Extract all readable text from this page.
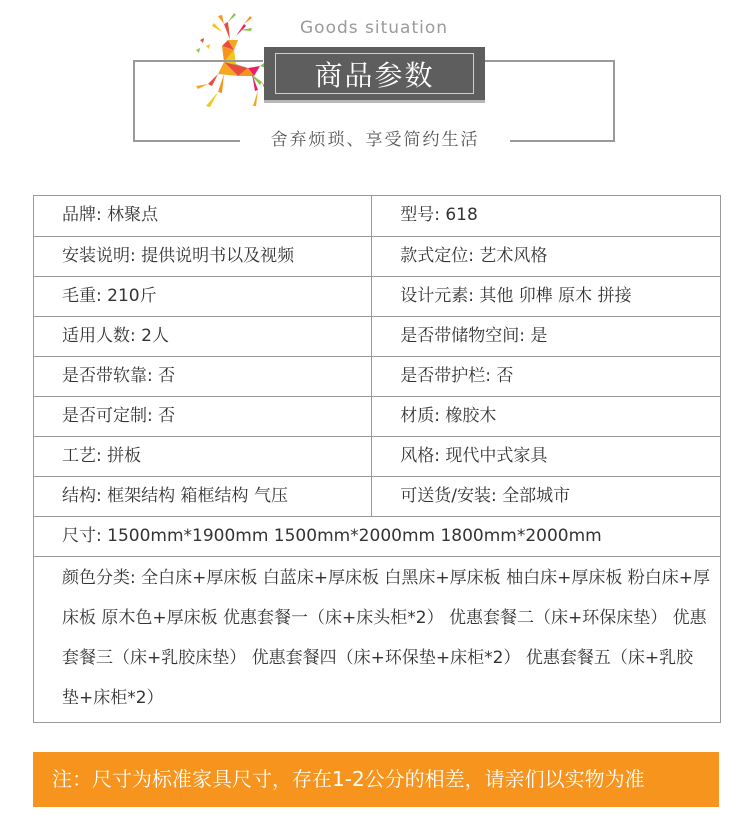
Goods situation
商品参数
舍弃烦琐、享受简约生活
品牌: 林聚点	型号: 618
安装说明: 提供说明书以及视频	款式定位: 艺术风格
毛重: 210斤	设计元素: 其他 卯榫 原木 拼接
适用人数: 2人	是否带储物空间: 是
是否带软靠: 否	是否带护栏: 否
是否可定制: 否	材质: 橡胶木
工艺: 拼板	风格: 现代中式家具
结构: 框架结构 箱框结构 气压	可送货/安装: 全部城市
尺寸: 1500mm*1900mm 1500mm*2000mm 1800mm*2000mm
颜色分类: 全白床+厚床板 白蓝床+厚床板 白黑床+厚床板 柚白床+厚床板 粉白床+厚床板 原木色+厚床板 优惠套餐一（床+床头柜*2） 优惠套餐二（床+环保床垫） 优惠套餐三（床+乳胶床垫） 优惠套餐四（床+环保垫+床柜*2） 优惠套餐五（床+乳胶垫+床柜*2）
注：尺寸为标准家具尺寸，存在1-2公分的相差，请亲们以实物为准
